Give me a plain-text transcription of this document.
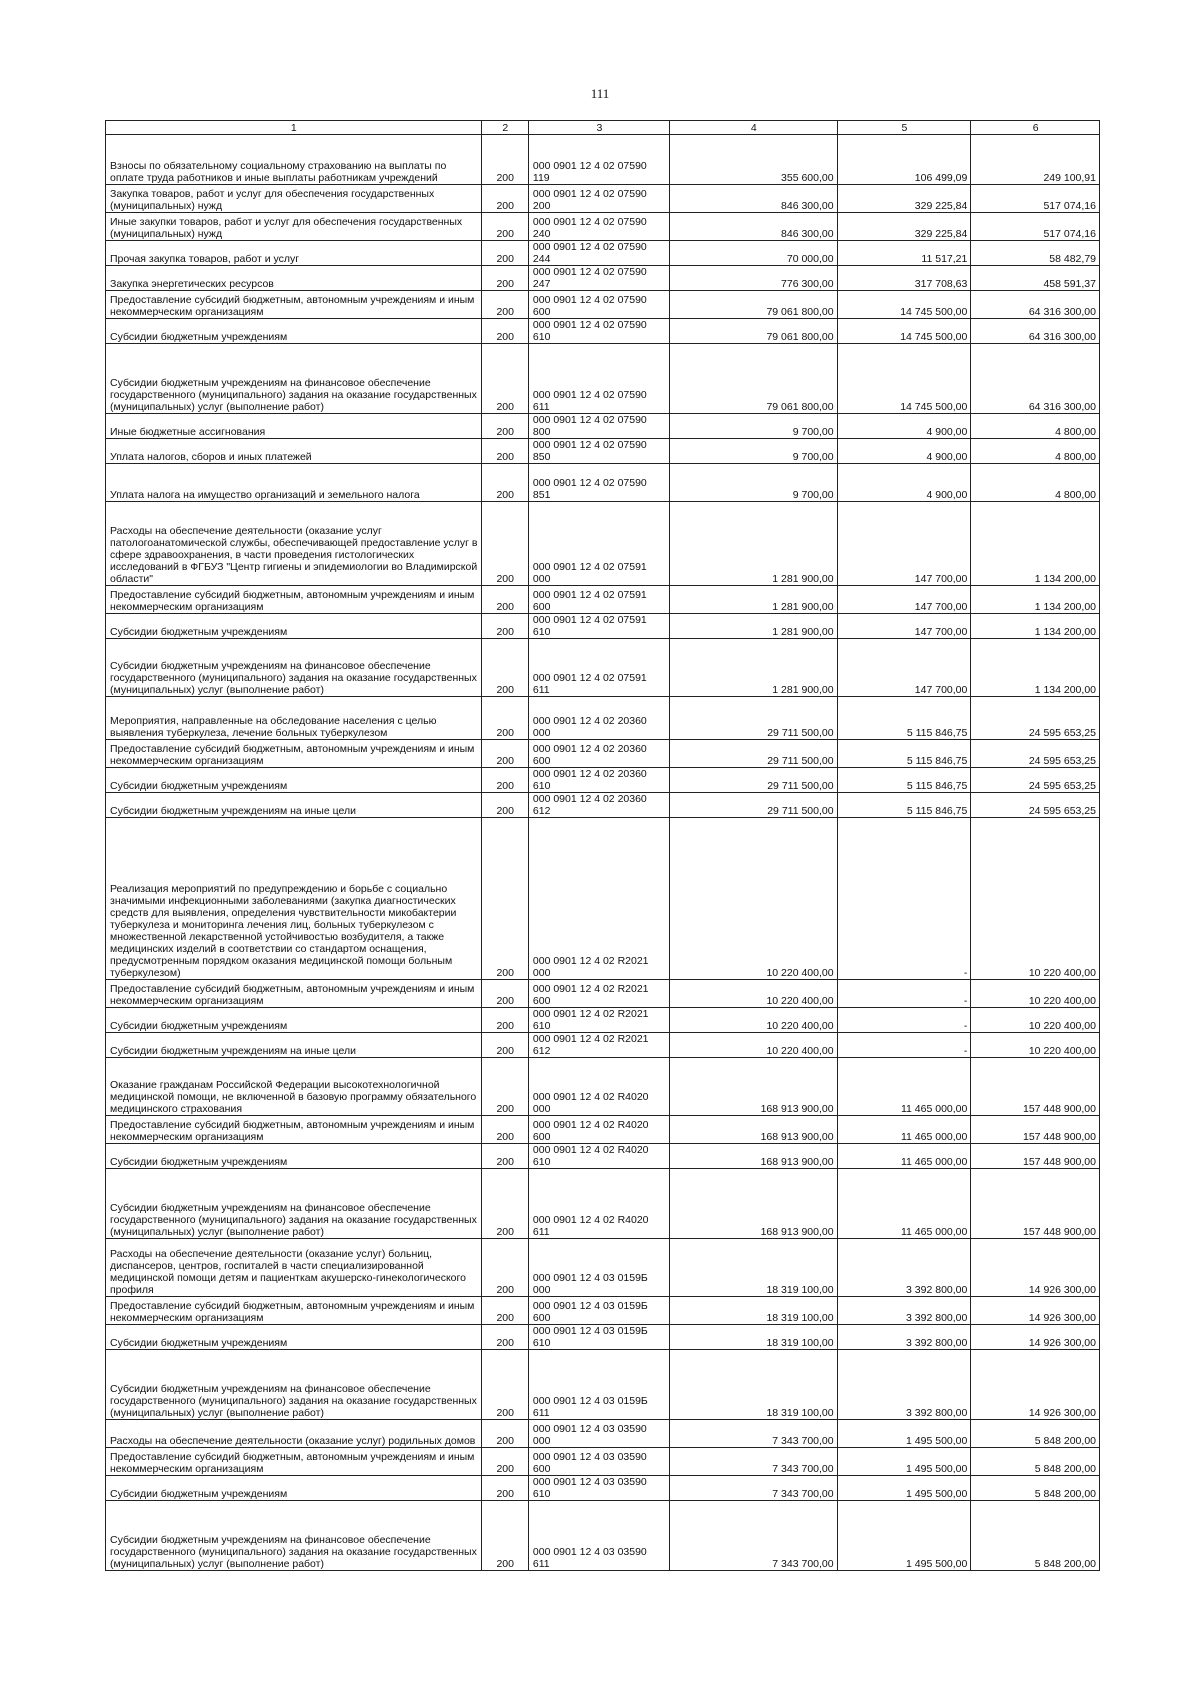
111
1	2	3	4	5	6
Взносы по обязательному социальному страхованию на выплаты по оплате труда работников и иные выплаты работникам учреждений	200	000 0901 12 4 02 07590 119	355 600,00	106 499,09	249 100,91
Закупка товаров, работ и услуг для обеспечения государственных (муниципальных) нужд	200	000 0901 12 4 02 07590 200	846 300,00	329 225,84	517 074,16
Иные закупки товаров, работ и услуг для обеспечения государственных (муниципальных) нужд	200	000 0901 12 4 02 07590 240	846 300,00	329 225,84	517 074,16
Прочая закупка товаров, работ и услуг	200	000 0901 12 4 02 07590 244	70 000,00	11 517,21	58 482,79
Закупка энергетических ресурсов	200	000 0901 12 4 02 07590 247	776 300,00	317 708,63	458 591,37
Предоставление субсидий бюджетным, автономным учреждениям и иным некоммерческим организациям	200	000 0901 12 4 02 07590 600	79 061 800,00	14 745 500,00	64 316 300,00
Субсидии бюджетным учреждениям	200	000 0901 12 4 02 07590 610	79 061 800,00	14 745 500,00	64 316 300,00
Субсидии бюджетным учреждениям на финансовое обеспечение государственного (муниципального) задания на оказание государственных (муниципальных) услуг (выполнение работ)	200	000 0901 12 4 02 07590 611	79 061 800,00	14 745 500,00	64 316 300,00
Иные бюджетные ассигнования	200	000 0901 12 4 02 07590 800	9 700,00	4 900,00	4 800,00
Уплата налогов, сборов и иных платежей	200	000 0901 12 4 02 07590 850	9 700,00	4 900,00	4 800,00
Уплата налога на имущество организаций и земельного налога	200	000 0901 12 4 02 07590 851	9 700,00	4 900,00	4 800,00
Расходы на обеспечение деятельности (оказание услуг патологоанатомической службы, обеспечивающей предоставление услуг в сфере здравоохранения, в части проведения гистологических исследований в ФГБУЗ "Центр гигиены и эпидемиологии во Владимирской области"	200	000 0901 12 4 02 07591 000	1 281 900,00	147 700,00	1 134 200,00
Предоставление субсидий бюджетным, автономным учреждениям и иным некоммерческим организациям	200	000 0901 12 4 02 07591 600	1 281 900,00	147 700,00	1 134 200,00
Субсидии бюджетным учреждениям	200	000 0901 12 4 02 07591 610	1 281 900,00	147 700,00	1 134 200,00
Субсидии бюджетным учреждениям на финансовое обеспечение государственного (муниципального) задания на оказание государственных (муниципальных) услуг (выполнение работ)	200	000 0901 12 4 02 07591 611	1 281 900,00	147 700,00	1 134 200,00
Мероприятия, направленные на обследование населения с целью выявления туберкулеза, лечение больных туберкулезом	200	000 0901 12 4 02 20360 000	29 711 500,00	5 115 846,75	24 595 653,25
Предоставление субсидий бюджетным, автономным учреждениям и иным некоммерческим организациям	200	000 0901 12 4 02 20360 600	29 711 500,00	5 115 846,75	24 595 653,25
Субсидии бюджетным учреждениям	200	000 0901 12 4 02 20360 610	29 711 500,00	5 115 846,75	24 595 653,25
Субсидии бюджетным учреждениям на иные цели	200	000 0901 12 4 02 20360 612	29 711 500,00	5 115 846,75	24 595 653,25
Реализация мероприятий по предупреждению и борьбе с социально значимыми инфекционными заболеваниями (закупка диагностических средств для выявления, определения чувствительности микобактерии туберкулеза и мониторинга лечения лиц, больных туберкулезом с множественной лекарственной устойчивостью возбудителя, а также медицинских изделий в соответствии со стандартом оснащения, предусмотренным порядком оказания медицинской помощи больным туберкулезом)	200	000 0901 12 4 02 R2021 000	10 220 400,00	-	10 220 400,00
Предоставление субсидий бюджетным, автономным учреждениям и иным некоммерческим организациям	200	000 0901 12 4 02 R2021 600	10 220 400,00	-	10 220 400,00
Субсидии бюджетным учреждениям	200	000 0901 12 4 02 R2021 610	10 220 400,00	-	10 220 400,00
Субсидии бюджетным учреждениям на иные цели	200	000 0901 12 4 02 R2021 612	10 220 400,00	-	10 220 400,00
Оказание гражданам Российской Федерации высокотехнологичной медицинской помощи, не включенной в базовую программу обязательного медицинского страхования	200	000 0901 12 4 02 R4020 000	168 913 900,00	11 465 000,00	157 448 900,00
Предоставление субсидий бюджетным, автономным учреждениям и иным некоммерческим организациям	200	000 0901 12 4 02 R4020 600	168 913 900,00	11 465 000,00	157 448 900,00
Субсидии бюджетным учреждениям	200	000 0901 12 4 02 R4020 610	168 913 900,00	11 465 000,00	157 448 900,00
Субсидии бюджетным учреждениям на финансовое обеспечение государственного (муниципального) задания на оказание государственных (муниципальных) услуг (выполнение работ)	200	000 0901 12 4 02 R4020 611	168 913 900,00	11 465 000,00	157 448 900,00
Расходы на обеспечение деятельности (оказание услуг) больниц, диспансеров, центров, госпиталей в части специализированной медицинской помощи детям и пациенткам акушерско-гинекологического профиля	200	000 0901 12 4 03 0159Б 000	18 319 100,00	3 392 800,00	14 926 300,00
Предоставление субсидий бюджетным, автономным учреждениям и иным некоммерческим организациям	200	000 0901 12 4 03 0159Б 600	18 319 100,00	3 392 800,00	14 926 300,00
Субсидии бюджетным учреждениям	200	000 0901 12 4 03 0159Б 610	18 319 100,00	3 392 800,00	14 926 300,00
Субсидии бюджетным учреждениям на финансовое обеспечение государственного (муниципального) задания на оказание государственных (муниципальных) услуг (выполнение работ)	200	000 0901 12 4 03 0159Б 611	18 319 100,00	3 392 800,00	14 926 300,00
Расходы на обеспечение деятельности (оказание услуг) родильных домов	200	000 0901 12 4 03 03590 000	7 343 700,00	1 495 500,00	5 848 200,00
Предоставление субсидий бюджетным, автономным учреждениям и иным некоммерческим организациям	200	000 0901 12 4 03 03590 600	7 343 700,00	1 495 500,00	5 848 200,00
Субсидии бюджетным учреждениям	200	000 0901 12 4 03 03590 610	7 343 700,00	1 495 500,00	5 848 200,00
Субсидии бюджетным учреждениям на финансовое обеспечение государственного (муниципального) задания на оказание государственных (муниципальных) услуг (выполнение работ)	200	000 0901 12 4 03 03590 611	7 343 700,00	1 495 500,00	5 848 200,00
